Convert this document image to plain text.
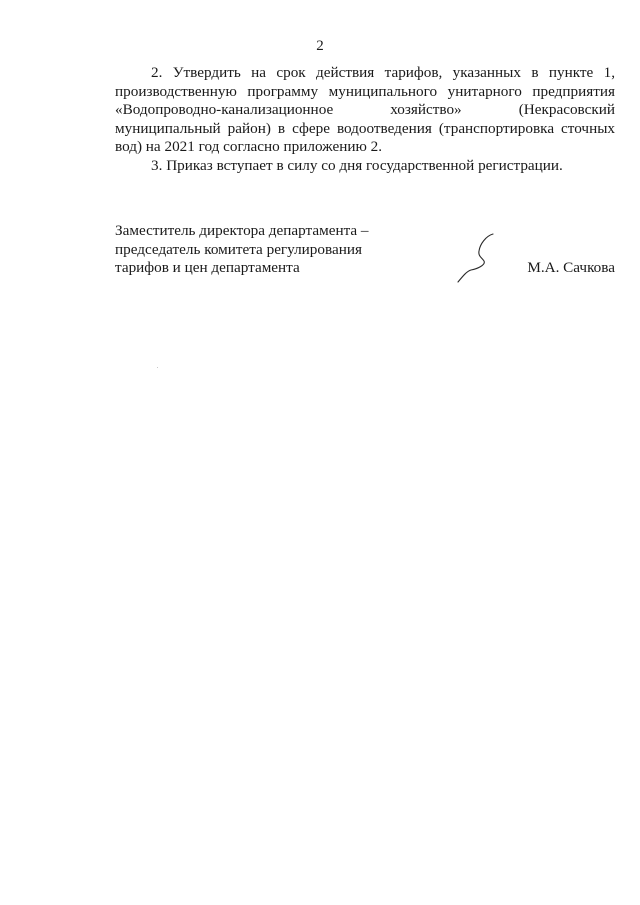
2

2. Утвердить на срок действия тарифов, указанных в пункте 1, производственную программу муниципального унитарного предприятия «Водопроводно-канализационное хозяйство» (Некрасовский муниципальный район) в сфере водоотведения (транспортировка сточных вод) на 2021 год согласно приложению 2.

3. Приказ вступает в силу со дня государственной регистрации.

Заместитель директора департамента –
председатель комитета регулирования
тарифов и цен департамента	М.А. Сачкова
